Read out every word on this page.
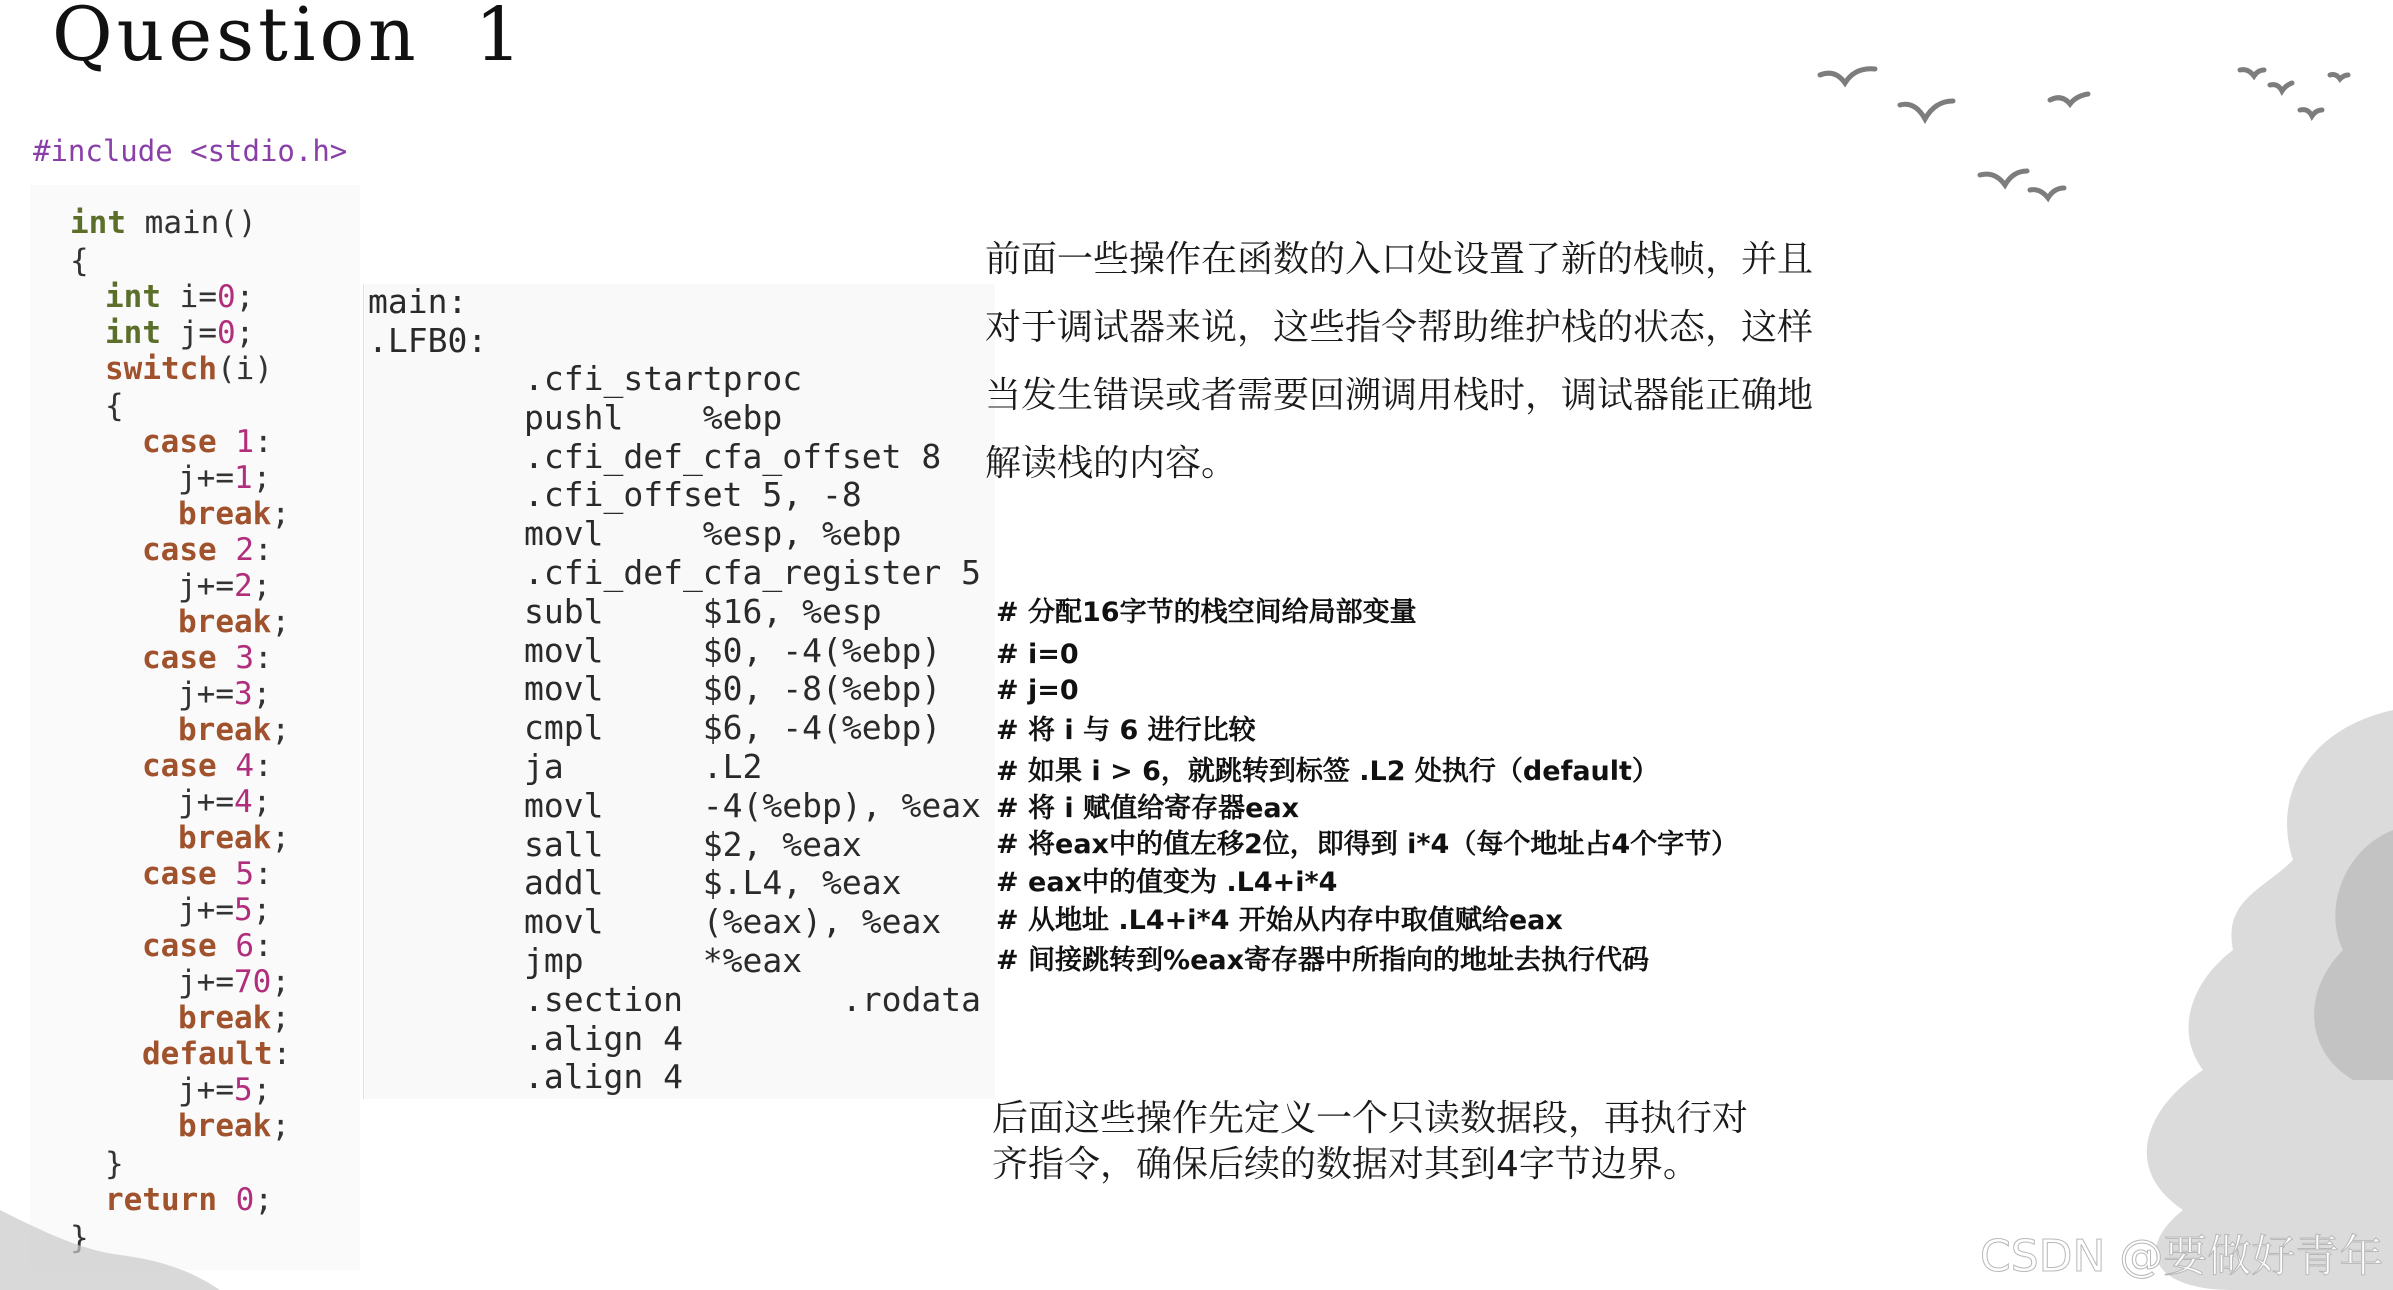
Question  1
#include <stdio.h>
int main()
{
int i=0;
int j=0;
switch(i)
{
case 1:
j+=1;
break;
case 2:
j+=2;
break;
case 3:
j+=3;
break;
case 4:
j+=4;
break;
case 5:
j+=5;
case 6:
j+=70;
break;
default:
j+=5;
break;
}
return 0;
}
main:
.LFB0:
.cfi_startproc
pushl    %ebp
.cfi_def_cfa_offset 8
.cfi_offset 5, -8
movl     %esp, %ebp
.cfi_def_cfa_register 5
subl     $16, %esp
movl     $0, -4(%ebp)
movl     $0, -8(%ebp)
cmpl     $6, -4(%ebp)
ja       .L2
movl     -4(%ebp), %eax
sall     $2, %eax
addl     $.L4, %eax
movl     (%eax), %eax
jmp      *%eax
.section        .rodata
.align 4
.align 4
前面一些操作在函数的入口处设置了新的栈帧，并且
对于调试器来说，这些指令帮助维护栈的状态，这样
当发生错误或者需要回溯调用栈时，调试器能正确地
解读栈的内容。
# 分配16字节的栈空间给局部变量
# i=0
# j=0
# 将 i 与 6 进行比较
# 如果 i > 6，就跳转到标签 .L2 处执行（default）
# 将 i 赋值给寄存器eax
# 将eax中的值左移2位，即得到 i*4（每个地址占4个字节）
# eax中的值变为 .L4+i*4
# 从地址 .L4+i*4 开始从内存中取值赋给eax
# 间接跳转到%eax寄存器中所指向的地址去执行代码
后面这些操作先定义一个只读数据段，再执行对
齐指令，确保后续的数据对其到4字节边界。
CSDN @要做好青年
